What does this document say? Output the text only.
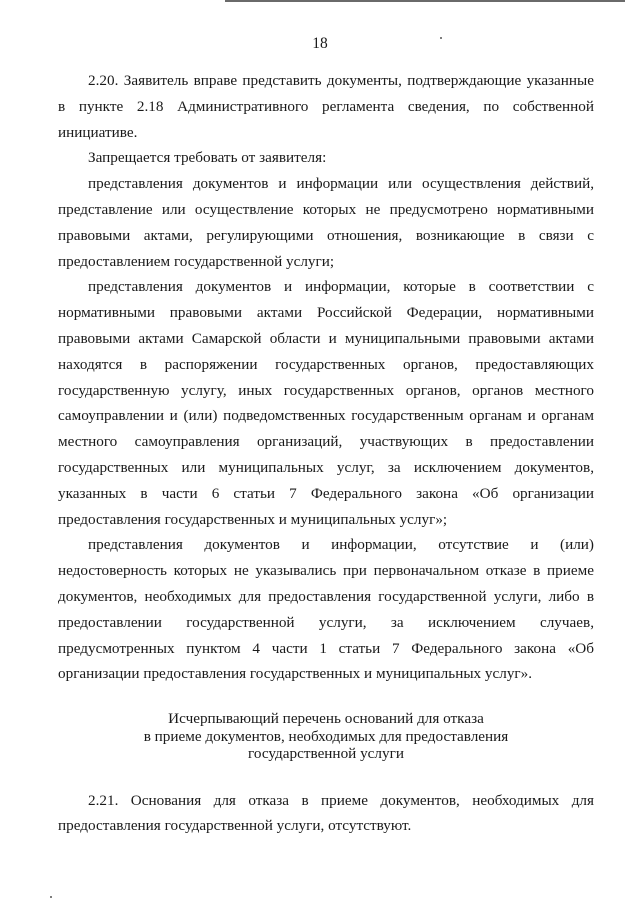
18

2.20. Заявитель вправе представить документы, подтверждающие указанные в пункте 2.18 Административного регламента сведения, по собственной инициативе.

Запрещается требовать от заявителя:

представления документов и информации или осуществления действий, представление или осуществление которых не предусмотрено нормативными правовыми актами, регулирующими отношения, возникающие в связи с предоставлением государственной услуги;

представления документов и информации, которые в соответствии с нормативными правовыми актами Российской Федерации, нормативными правовыми актами Самарской области и муниципальными правовыми актами находятся в распоряжении государственных органов, предоставляющих государственную услугу, иных государственных органов, органов местного самоуправлении и (или) подведомственных государственным органам и органам местного самоуправления организаций, участвующих в предоставлении государственных или муниципальных услуг, за исключением документов, указанных в части 6 статьи 7 Федерального закона «Об организации предоставления государственных и муниципальных услуг»;

представления документов и информации, отсутствие и (или) недостоверность которых не указывались при первоначальном отказе в приеме документов, необходимых для предоставления государственной услуги, либо в предоставлении государственной услуги, за исключением случаев, предусмотренных пунктом 4 части 1 статьи 7 Федерального закона «Об организации предоставления государственных и муниципальных услуг».

Исчерпывающий перечень оснований для отказа
в приеме документов, необходимых для предоставления
государственной услуги

2.21. Основания для отказа в приеме документов, необходимых для предоставления государственной услуги, отсутствуют.
